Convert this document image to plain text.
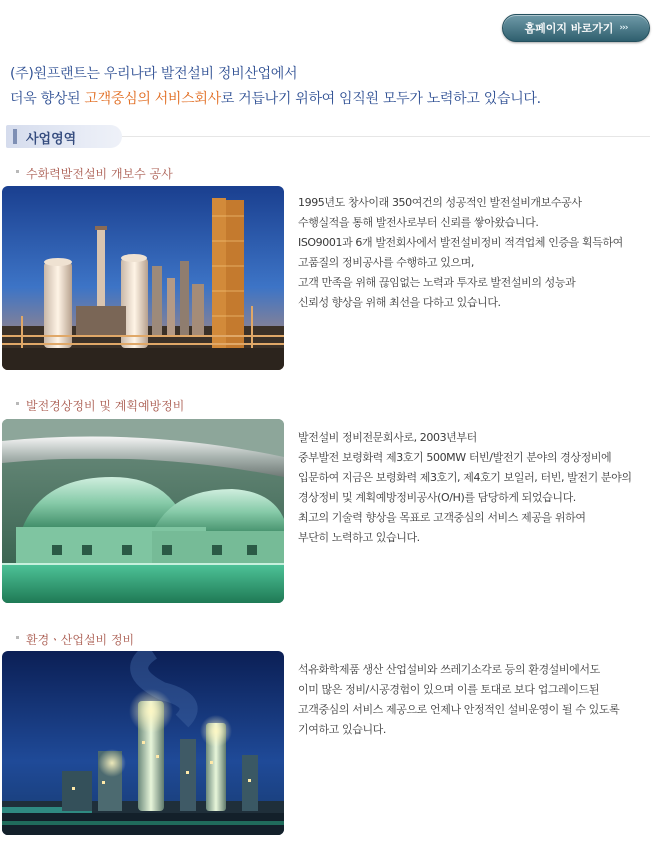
홈페이지 바로가기 ›››
(주)원프랜트는 우리나라 발전설비 정비산업에서
더욱 향상된 고객중심의 서비스회사로 거듭나기 위하여 임직원 모두가 노력하고 있습니다.
사업영역
수화력발전설비 개보수 공사
1995년도 창사이래 350여건의 성공적인 발전설비개보수공사
수행실적을 통해 발전사로부터 신뢰를 쌓아왔습니다.
ISO9001과 6개 발전회사에서 발전설비정비 적격업체 인증을 획득하여
고품질의 정비공사를 수행하고 있으며,
고객 만족을 위해 끊임없는 노력과 투자로 발전설비의 성능과
신뢰성 향상을 위해 최선을 다하고 있습니다.
발전경상정비 및 계획예방정비
발전설비 정비전문회사로, 2003년부터
중부발전 보령화력 제3호기 500MW 터빈/발전기 분야의 경상정비에
입문하여 지금은 보령화력 제3호기, 제4호기 보일러, 터빈, 발전기 분야의
경상정비 및 계획예방정비공사(O/H)를 담당하게 되었습니다.
최고의 기술력 향상을 목표로 고객중심의 서비스 제공을 위하여
부단히 노력하고 있습니다.
환경ㆍ산업설비 정비
석유화학제품 생산 산업설비와 쓰레기소각로 등의 환경설비에서도
이미 많은 정비/시공경험이 있으며 이를 토대로 보다 업그레이드된
고객중심의 서비스 제공으로 언제나 안정적인 설비운영이 될 수 있도록
기여하고 있습니다.
